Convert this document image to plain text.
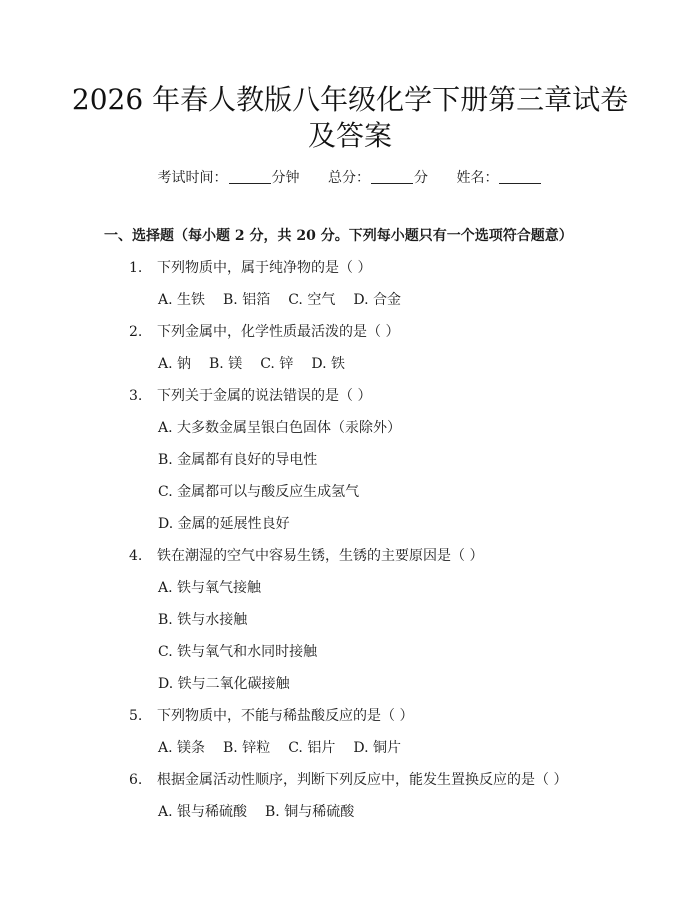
2026 年春人教版八年级化学下册第三章试卷
及答案
考试时间：	分钟 总分：	分 姓名：
一、选择题（每小题 2 分，共 20 分。下列每小题只有一个选项符合题意）
1. 下列物质中，属于纯净物的是（ ）
A. 生铁 B. 铝箔 C. 空气 D. 合金
2. 下列金属中，化学性质最活泼的是（ ）
A. 钠 B. 镁 C. 锌 D. 铁
3. 下列关于金属的说法错误的是（ ）
A. 大多数金属呈银白色固体（汞除外）
B. 金属都有良好的导电性
C. 金属都可以与酸反应生成氢气
D. 金属的延展性良好
4. 铁在潮湿的空气中容易生锈，生锈的主要原因是（ ）
A. 铁与氧气接触
B. 铁与水接触
C. 铁与氧气和水同时接触
D. 铁与二氧化碳接触
5. 下列物质中，不能与稀盐酸反应的是（ ）
A. 镁条 B. 锌粒 C. 铝片 D. 铜片
6. 根据金属活动性顺序，判断下列反应中，能发生置换反应的是（ ）
A. 银与稀硫酸 B. 铜与稀硫酸
